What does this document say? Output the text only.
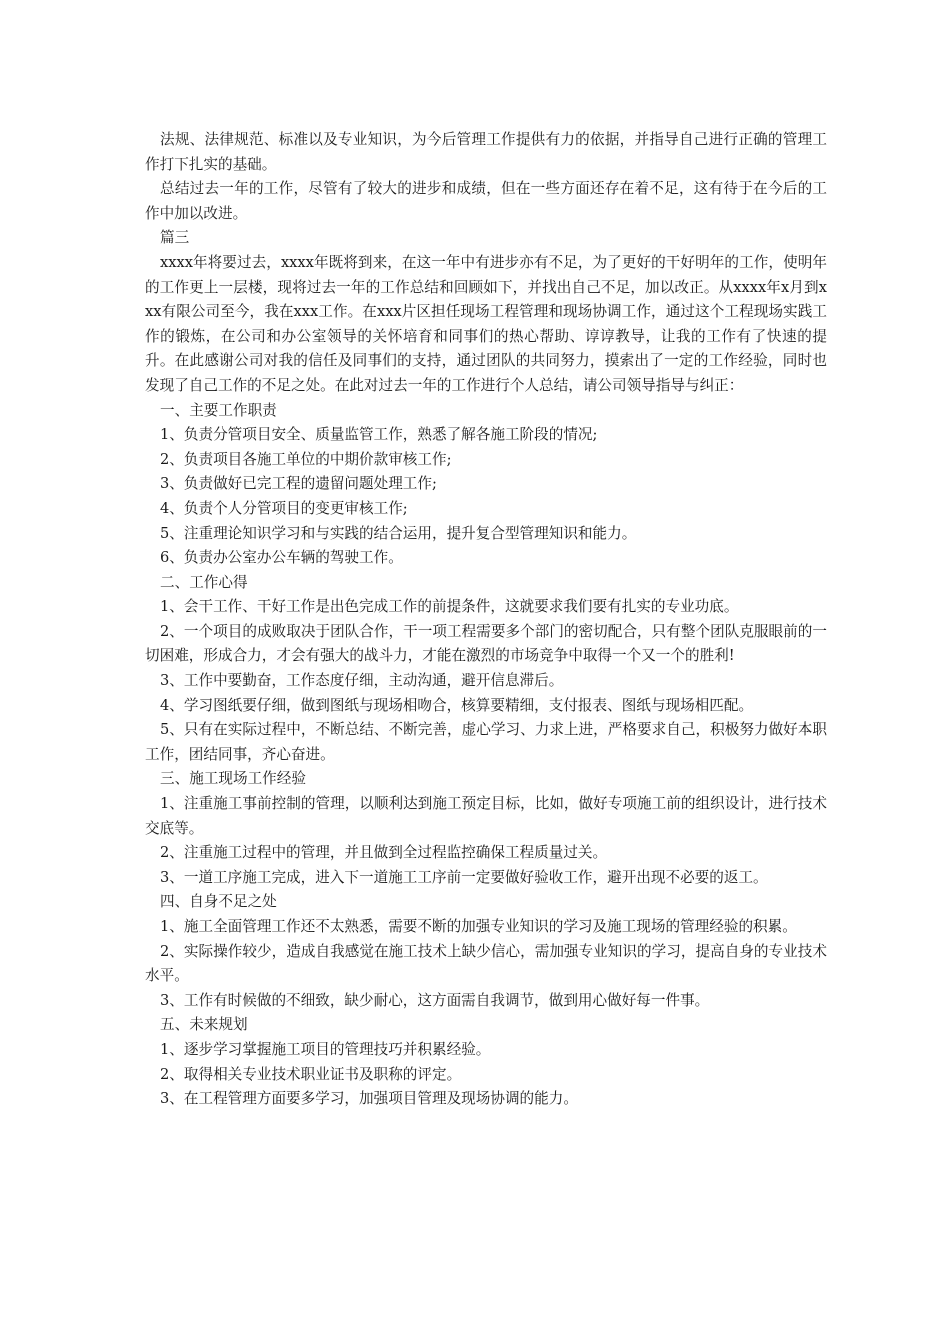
法规、法律规范、标准以及专业知识，为今后管理工作提供有力的依据，并指导自己进行正确的管理工作打下扎实的基础。

总结过去一年的工作，尽管有了较大的进步和成绩，但在一些方面还存在着不足，这有待于在今后的工作中加以改进。

篇三

xxxx年将要过去，xxxx年既将到来，在这一年中有进步亦有不足，为了更好的干好明年的工作，使明年的工作更上一层楼，现将过去一年的工作总结和回顾如下，并找出自己不足，加以改正。从xxxx年x月到xxx有限公司至今，我在xxx工作。在xxx片区担任现场工程管理和现场协调工作，通过这个工程现场实践工作的锻炼，在公司和办公室领导的关怀培育和同事们的热心帮助、谆谆教导，让我的工作有了快速的提升。在此感谢公司对我的信任及同事们的支持，通过团队的共同努力，摸索出了一定的工作经验，同时也发现了自己工作的不足之处。在此对过去一年的工作进行个人总结，请公司领导指导与纠正：

一、主要工作职责

1、负责分管项目安全、质量监管工作，熟悉了解各施工阶段的情况;

2、负责项目各施工单位的中期价款审核工作;

3、负责做好已完工程的遗留问题处理工作;

4、负责个人分管项目的变更审核工作;

5、注重理论知识学习和与实践的结合运用，提升复合型管理知识和能力。

6、负责办公室办公车辆的驾驶工作。

二、工作心得

1、会干工作、干好工作是出色完成工作的前提条件，这就要求我们要有扎实的专业功底。

2、一个项目的成败取决于团队合作，干一项工程需要多个部门的密切配合，只有整个团队克服眼前的一切困难，形成合力，才会有强大的战斗力，才能在激烈的市场竞争中取得一个又一个的胜利!

3、工作中要勤奋，工作态度仔细，主动沟通，避开信息滞后。

4、学习图纸要仔细，做到图纸与现场相吻合，核算要精细，支付报表、图纸与现场相匹配。

5、只有在实际过程中，不断总结、不断完善，虚心学习、力求上进，严格要求自己，积极努力做好本职工作，团结同事，齐心奋进。

三、施工现场工作经验

1、注重施工事前控制的管理，以顺利达到施工预定目标，比如，做好专项施工前的组织设计，进行技术交底等。

2、注重施工过程中的管理，并且做到全过程监控确保工程质量过关。

3、一道工序施工完成，进入下一道施工工序前一定要做好验收工作，避开出现不必要的返工。

四、自身不足之处

1、施工全面管理工作还不太熟悉，需要不断的加强专业知识的学习及施工现场的管理经验的积累。

2、实际操作较少，造成自我感觉在施工技术上缺少信心，需加强专业知识的学习，提高自身的专业技术水平。

3、工作有时候做的不细致，缺少耐心，这方面需自我调节，做到用心做好每一件事。

五、未来规划

1、逐步学习掌握施工项目的管理技巧并积累经验。

2、取得相关专业技术职业证书及职称的评定。

3、在工程管理方面要多学习，加强项目管理及现场协调的能力。
